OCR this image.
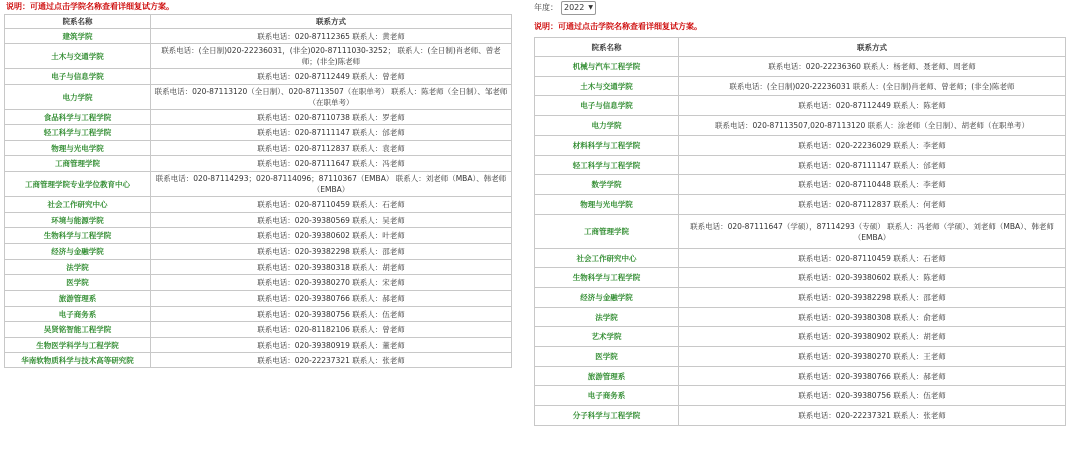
说明：可通过点击学院名称查看详细复试方案。
院系名称	联系方式
建筑学院	联系电话：020-87112365 联系人：黄老师
土木与交通学院	联系电话：(全日制)020-22236031，(非全)020-87111030-3252； 联系人：(全日制)肖老师、曾老师；(非全)陈老师
电子与信息学院	联系电话：020-87112449 联系人：曾老师
电力学院	联系电话：020-87113120（全日制）、020-87113507（在职单考） 联系人：陈老师（全日制）、邹老师（在职单考）
食品科学与工程学院	联系电话：020-87110738 联系人：罗老师
轻工科学与工程学院	联系电话：020-87111147 联系人：邰老师
物理与光电学院	联系电话：020-87112837 联系人：袁老师
工商管理学院	联系电话：020-87111647 联系人：冯老师
工商管理学院专业学位教育中心	联系电话：020-87114293；020-87114096；87110367（EMBA） 联系人：刘老师（MBA）、韩老师（EMBA）
社会工作研究中心	联系电话：020-87110459 联系人：石老师
环境与能源学院	联系电话：020-39380569 联系人：吴老师
生物科学与工程学院	联系电话：020-39380602 联系人：叶老师
经济与金融学院	联系电话：020-39382298 联系人：邵老师
法学院	联系电话：020-39380318 联系人：胡老师
医学院	联系电话：020-39380270 联系人：宋老师
旅游管理系	联系电话：020-39380766 联系人：郝老师
电子商务系	联系电话：020-39380756 联系人：伍老师
吴贤铭智能工程学院	联系电话：020-81182106 联系人：曾老师
生物医学科学与工程学院	联系电话：020-39380919 联系人：董老师
华南软物质科学与技术高等研究院	联系电话：020-22237321 联系人：张老师
年度： 2022 ▼
说明：可通过点击学院名称查看详细复试方案。
院系名称	联系方式
机械与汽车工程学院	联系电话：020-22236360 联系人：杨老师、聂老师、周老师
土木与交通学院	联系电话：(全日制)020-22236031 联系人：(全日制)肖老师、曾老师；(非全)陈老师
电子与信息学院	联系电话：020-87112449 联系人：陈老师
电力学院	联系电话：020-87113507,020-87113120 联系人：涂老师（全日制）、胡老师（在职单考）
材料科学与工程学院	联系电话：020-22236029 联系人：李老师
轻工科学与工程学院	联系电话：020-87111147 联系人：邰老师
数学学院	联系电话：020-87110448 联系人：李老师
物理与光电学院	联系电话：020-87112837 联系人：何老师
工商管理学院	联系电话：020-87111647（学硕），87114293（专硕） 联系人：冯老师（学硕）、刘老师（MBA）、韩老师（EMBA）
社会工作研究中心	联系电话：020-87110459 联系人：石老师
生物科学与工程学院	联系电话：020-39380602 联系人：陈老师
经济与金融学院	联系电话：020-39382298 联系人：邵老师
法学院	联系电话：020-39380308 联系人：俞老师
艺术学院	联系电话：020-39380902 联系人：胡老师
医学院	联系电话：020-39380270 联系人：王老师
旅游管理系	联系电话：020-39380766 联系人：郝老师
电子商务系	联系电话：020-39380756 联系人：伍老师
分子科学与工程学院	联系电话：020-22237321 联系人：张老师
